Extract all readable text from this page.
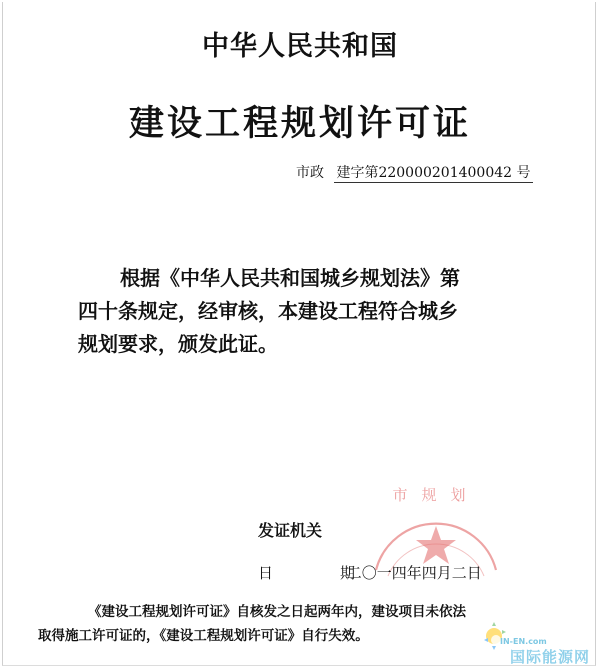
中华人民共和国
建设工程规划许可证
市政 建字第220000201400042 号
根据《中华人民共和国城乡规划法》第
四十条规定，经审核，本建设工程符合城乡
规划要求，颁发此证。
市规划
发证机关
日　期 二〇一四年四月二日
《建设工程规划许可证》自核发之日起两年内，建设项目未依法
取得施工许可证的，《建设工程规划许可证》自行失效。	IN-EN.com
国际能源网
